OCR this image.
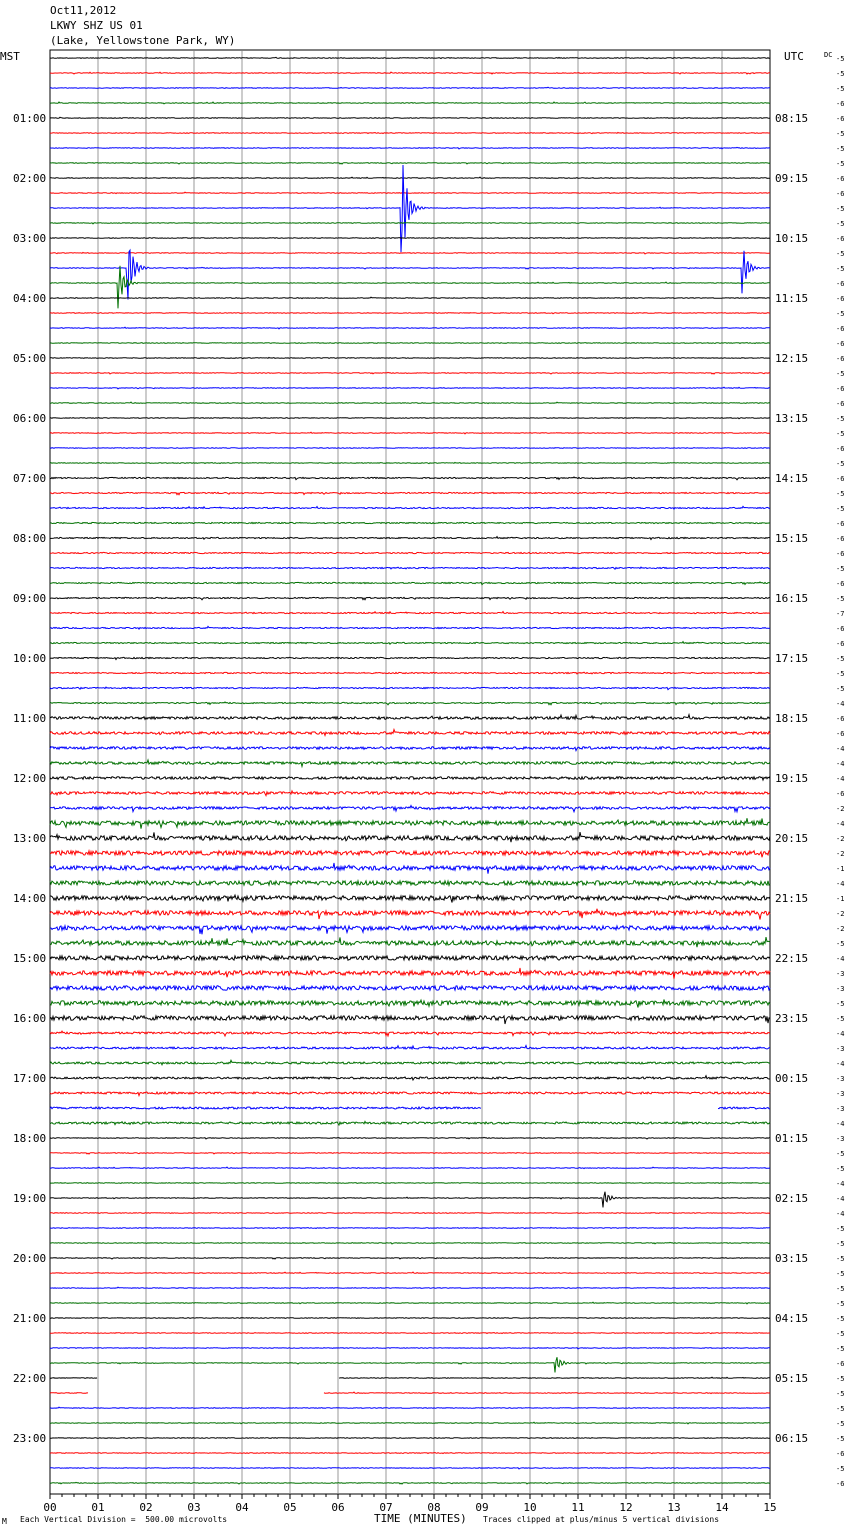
Oct11,2012
LKWY SHZ US 01
(Lake, Yellowstone Park, WY)
MST	UTC	-5
-5
-5
-6
-6
-5
-5
-5
-6
-6
-5
-5
-6
-5
-5
-6
-6
-5
-6
-6
-6
-5
-6
-6
-5
-5
-6
-5
-6
-5
-5
-6
-6
-6
-5
-6
-5
-7
-6
-6
-5
-5
-5
-4
-6
-6
-4
-4
-4
-6
-2
-4
-2
-2
-1
-4
-1
-2
-2
-5
-4
-3
-3
-5
-5
-4
-3
-4
-3
-3
-3
-4
-3
-5
-5
-4
-4
-4
-5
-5
-5
-5
-5
-5
-5
-5
-5
-6
-5
-5
-5
-5
-5
-6
-5
-6
DC
01:00
02:00
03:00
04:00
05:00
06:00
07:00
08:00
09:00
10:00
11:00
12:00
13:00
14:00
15:00
16:00
17:00
18:00
19:00
20:00
21:00
22:00
23:00
08:15
09:15
10:15
11:15
12:15
13:15
14:15
15:15
16:15
17:15
18:15
19:15
20:15
21:15
22:15
23:15
00:15
01:15
02:15
03:15
04:15
05:15
06:15
00	01	02	03	04	05	06	07	08	09	10	11	12	13	14	15
M Each Vertical Division =  500.00 microvolts	TIME (MINUTES) Traces clipped at plus/minus 5 vertical divisions
